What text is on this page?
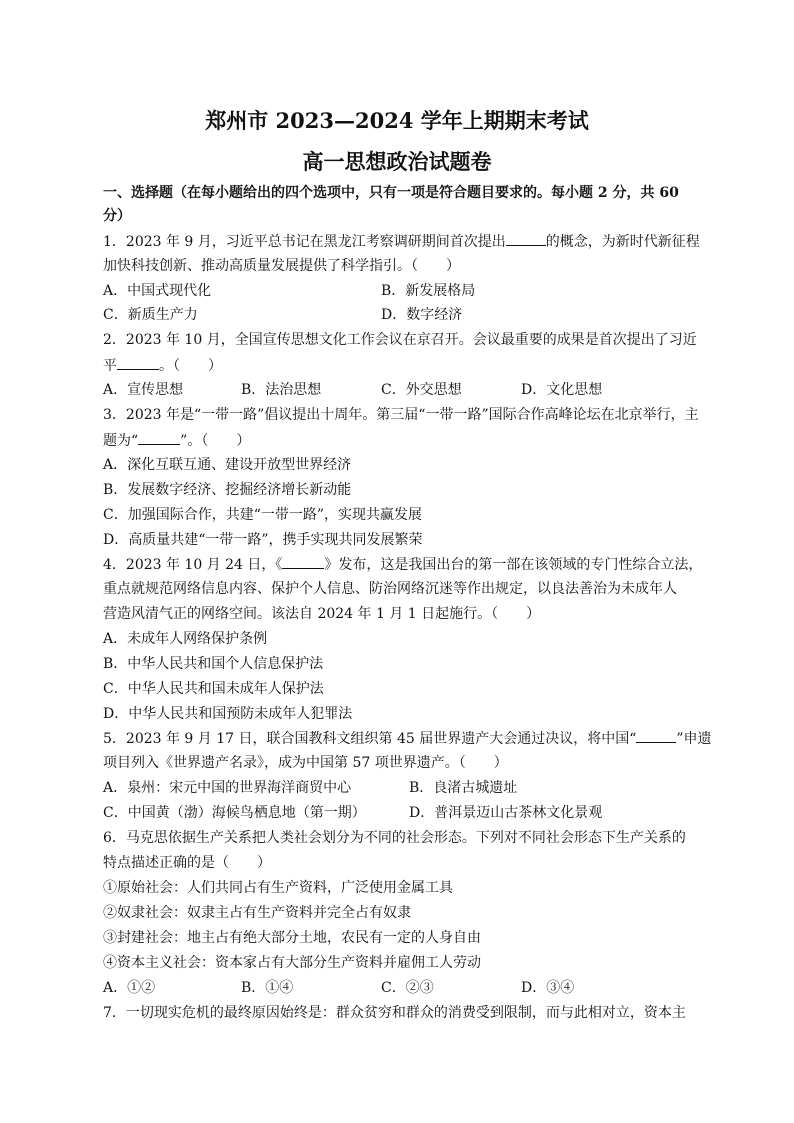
郑州市 2023—2024 学年上期期末考试
高一思想政治试题卷
一、选择题（在每小题给出的四个选项中，只有一项是符合题目要求的。每小题 2 分，共 60
分）
1．2023 年 9 月，习近平总书记在黑龙江考察调研期间首次提出	的概念，为新时代新征程
加快科技创新、推动高质量发展提供了科学指引。（　　）
A．中国式现代化	B．新发展格局
C．新质生产力	D．数字经济
2．2023 年 10 月，全国宣传思想文化工作会议在京召开。会议最重要的成果是首次提出了习近
平	。（　　）
A．宣传思想	B．法治思想	C．外交思想	D．文化思想
3．2023 年是“一带一路”倡议提出十周年。第三届“一带一路”国际合作高峰论坛在北京举行，主
题为“	”。（　　）
A．深化互联互通、建设开放型世界经济
B．发展数字经济、挖掘经济增长新动能
C．加强国际合作，共建“一带一路”，实现共赢发展
D．高质量共建“一带一路”，携手实现共同发展繁荣
4．2023 年 10 月 24 日，《	》发布，这是我国出台的第一部在该领域的专门性综合立法，
重点就规范网络信息内容、保护个人信息、防治网络沉迷等作出规定，以良法善治为未成年人
营造风清气正的网络空间。该法自 2024 年 1 月 1 日起施行。（　　）
A．未成年人网络保护条例
B．中华人民共和国个人信息保护法
C．中华人民共和国未成年人保护法
D．中华人民共和国预防未成年人犯罪法
5．2023 年 9 月 17 日，联合国教科文组织第 45 届世界遗产大会通过决议，将中国“	”申遗
项目列入《世界遗产名录》，成为中国第 57 项世界遗产。（　　）
A．泉州：宋元中国的世界海洋商贸中心	B．良渚古城遗址
C．中国黄（渤）海候鸟栖息地（第一期）	D．普洱景迈山古茶林文化景观
6．马克思依据生产关系把人类社会划分为不同的社会形态。下列对不同社会形态下生产关系的
特点描述正确的是（　　）
①原始社会：人们共同占有生产资料，广泛使用金属工具
②奴隶社会：奴隶主占有生产资料并完全占有奴隶
③封建社会：地主占有绝大部分土地，农民有一定的人身自由
④资本主义社会：资本家占有大部分生产资料并雇佣工人劳动
A．①②	B．①④	C．②③	D．③④
7．一切现实危机的最终原因始终是：群众贫穷和群众的消费受到限制，而与此相对立，资本主
